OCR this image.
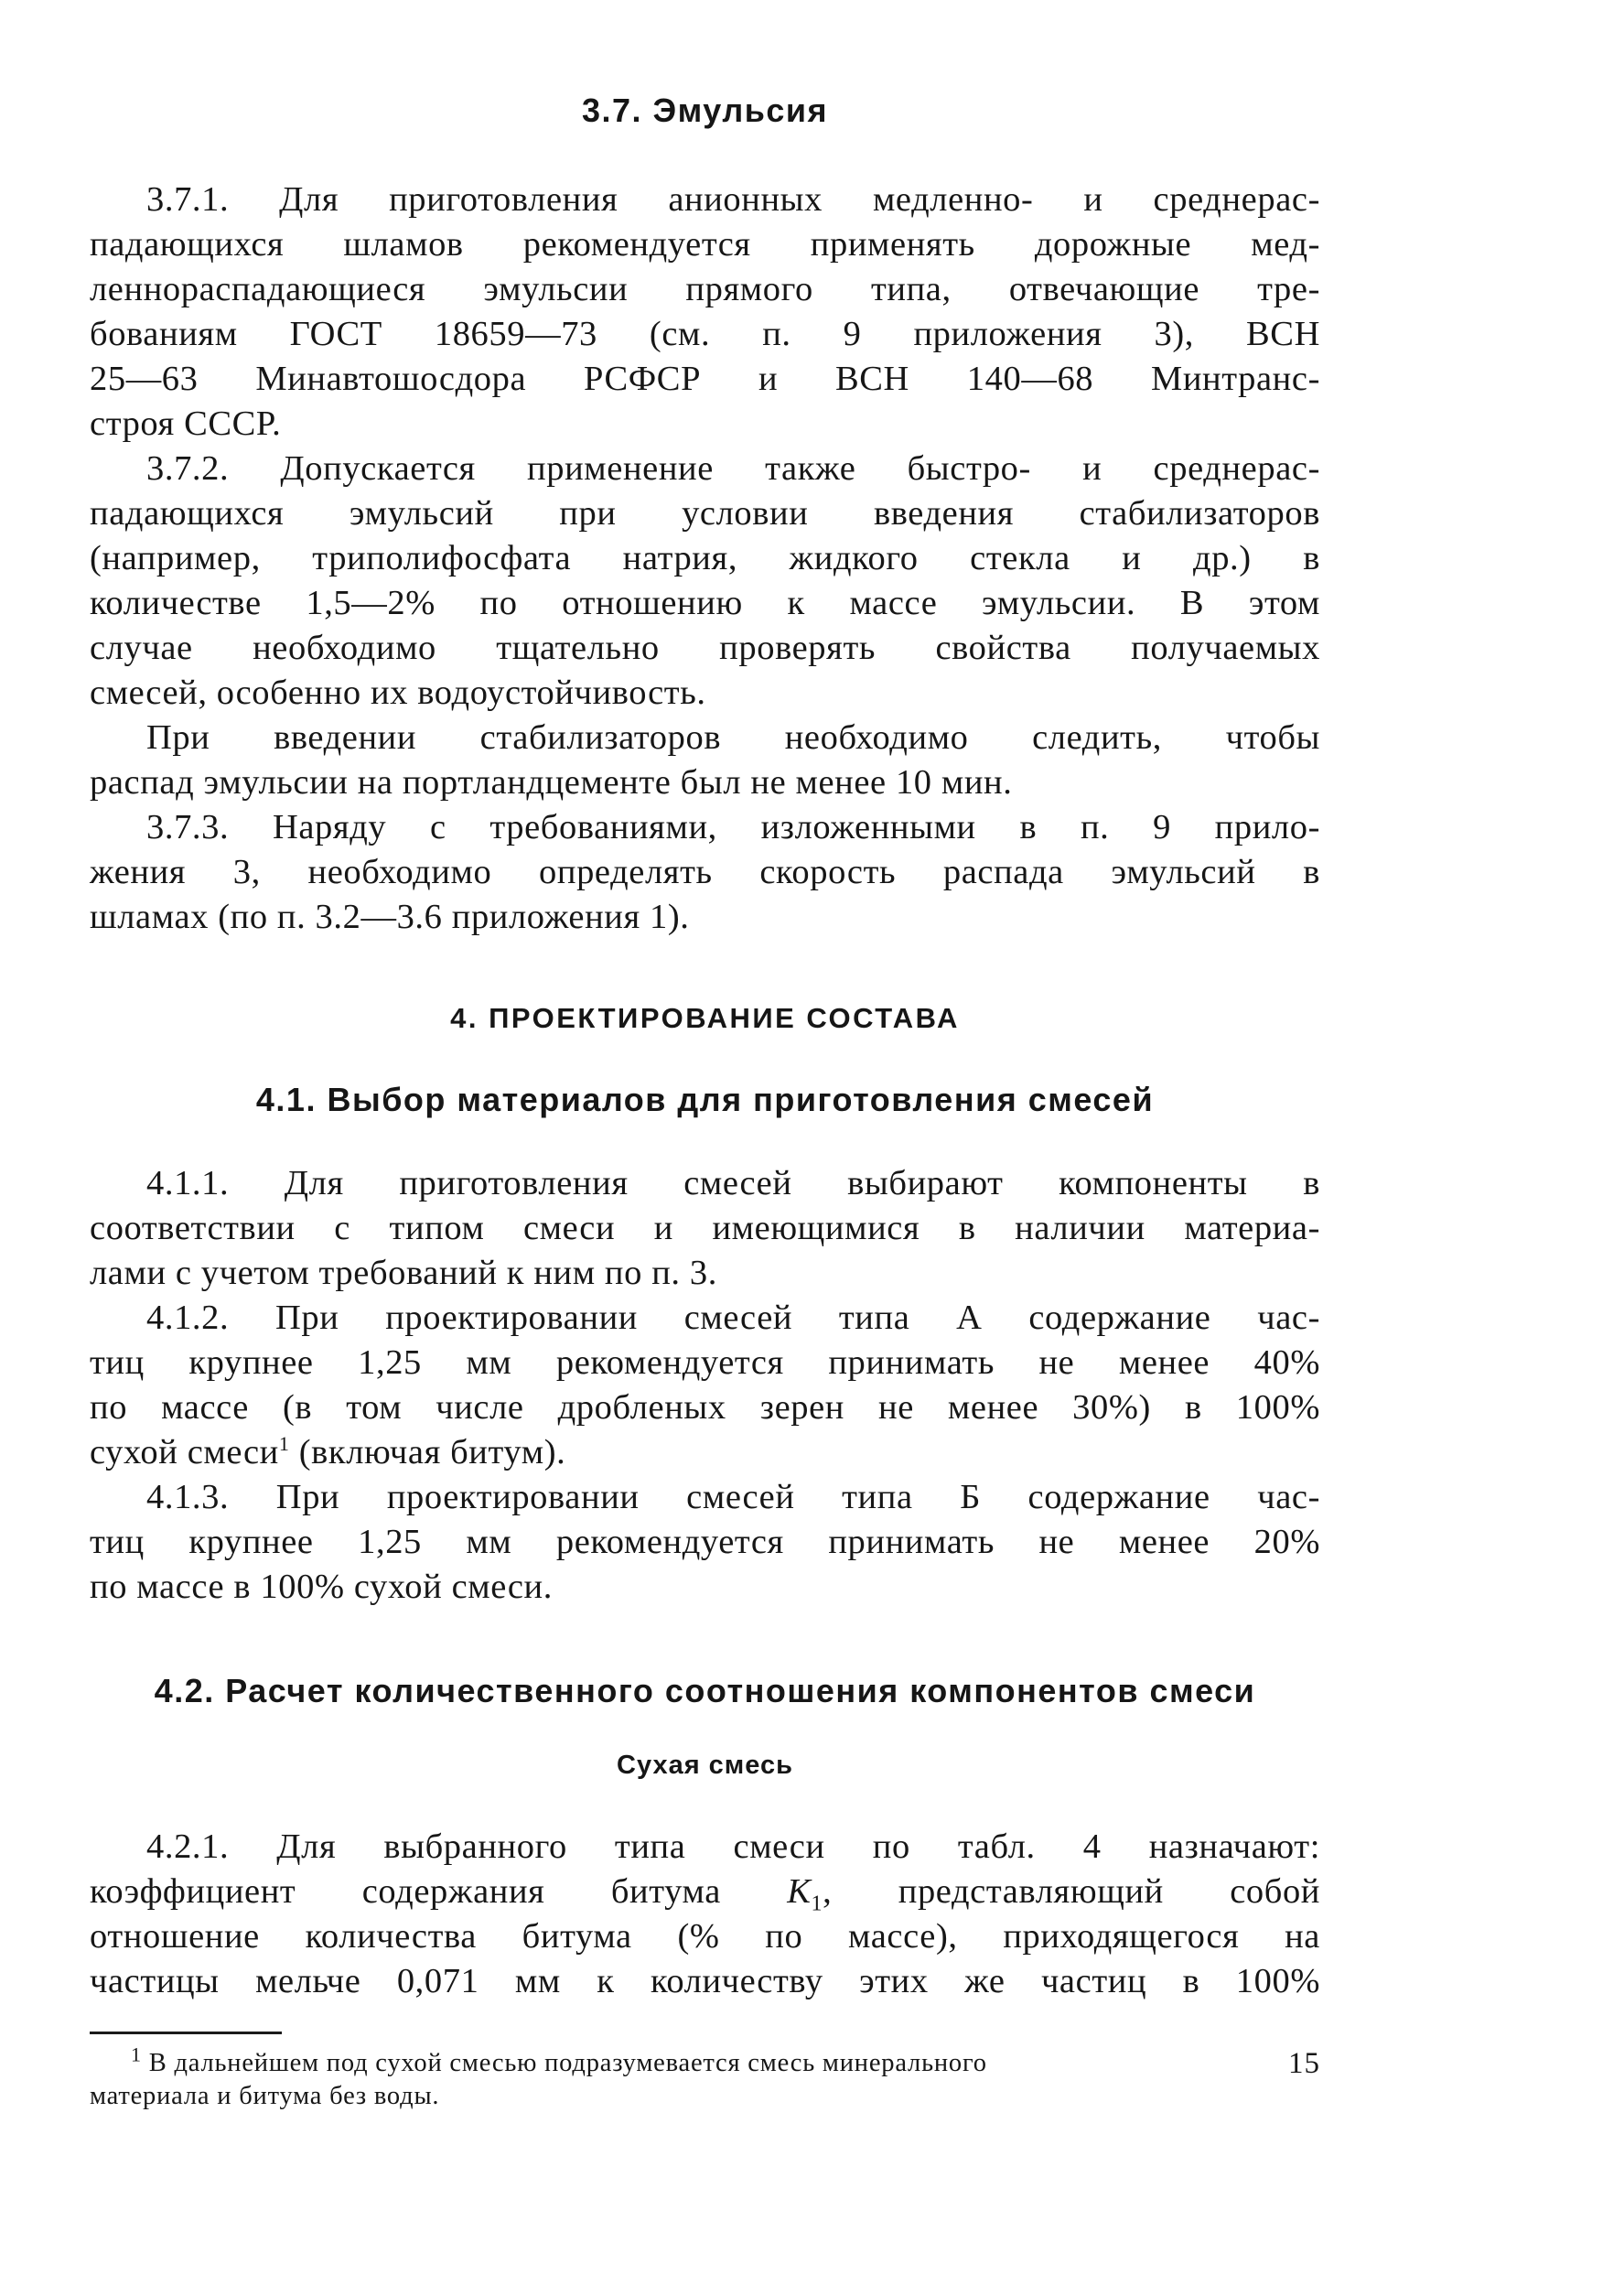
3.7. Эмульсия

3.7.1. Для приготовления анионных медленно- и среднерас-
падающихся шламов рекомендуется применять дорожные мед-
леннораспадающиеся эмульсии прямого типа, отвечающие тре-
бованиям ГОСТ 18659—73 (см. п. 9 приложения 3), ВСН
25—63 Минавтошосдора РСФСР и ВСН 140—68 Минтранс-
строя СССР.

3.7.2. Допускается применение также быстро- и среднерас-
падающихся эмульсий при условии введения стабилизаторов
(например, триполифосфата натрия, жидкого стекла и др.) в
количестве 1,5—2% по отношению к массе эмульсии. В этом
случае необходимо тщательно проверять свойства получаемых
смесей, особенно их водоустойчивость.

При введении стабилизаторов необходимо следить, чтобы
распад эмульсии на портландцементе был не менее 10 мин.

3.7.3. Наряду с требованиями, изложенными в п. 9 прило-
жения 3, необходимо определять скорость распада эмульсий в
шламах (по п. 3.2—3.6 приложения 1).

4. ПРОЕКТИРОВАНИЕ СОСТАВА
4.1. Выбор материалов для приготовления смесей

4.1.1. Для приготовления смесей выбирают компоненты в
соответствии с типом смеси и имеющимися в наличии материа-
лами с учетом требований к ним по п. 3.

4.1.2. При проектировании смесей типа А содержание час-
тиц крупнее 1,25 мм рекомендуется принимать не менее 40%
по массе (в том числе дробленых зерен не менее 30%) в 100%
сухой смеси$^1$ (включая битум).

4.1.3. При проектировании смесей типа Б содержание час-
тиц крупнее 1,25 мм рекомендуется принимать не менее 20%
по массе в 100% сухой смеси.

4.2. Расчет количественного соотношения компонентов смеси
Сухая смесь

4.2.1. Для выбранного типа смеси по табл. 4 назначают:
коэффициент содержания битума $K_1$, представляющий собой
отношение количества битума (% по массе), приходящегося на
частицы мельче 0,071 мм к количеству этих же частиц в 100%

$^1$ В дальнейшем под сухой смесью подразумевается смесь минерального
материала и битума без воды.

15
